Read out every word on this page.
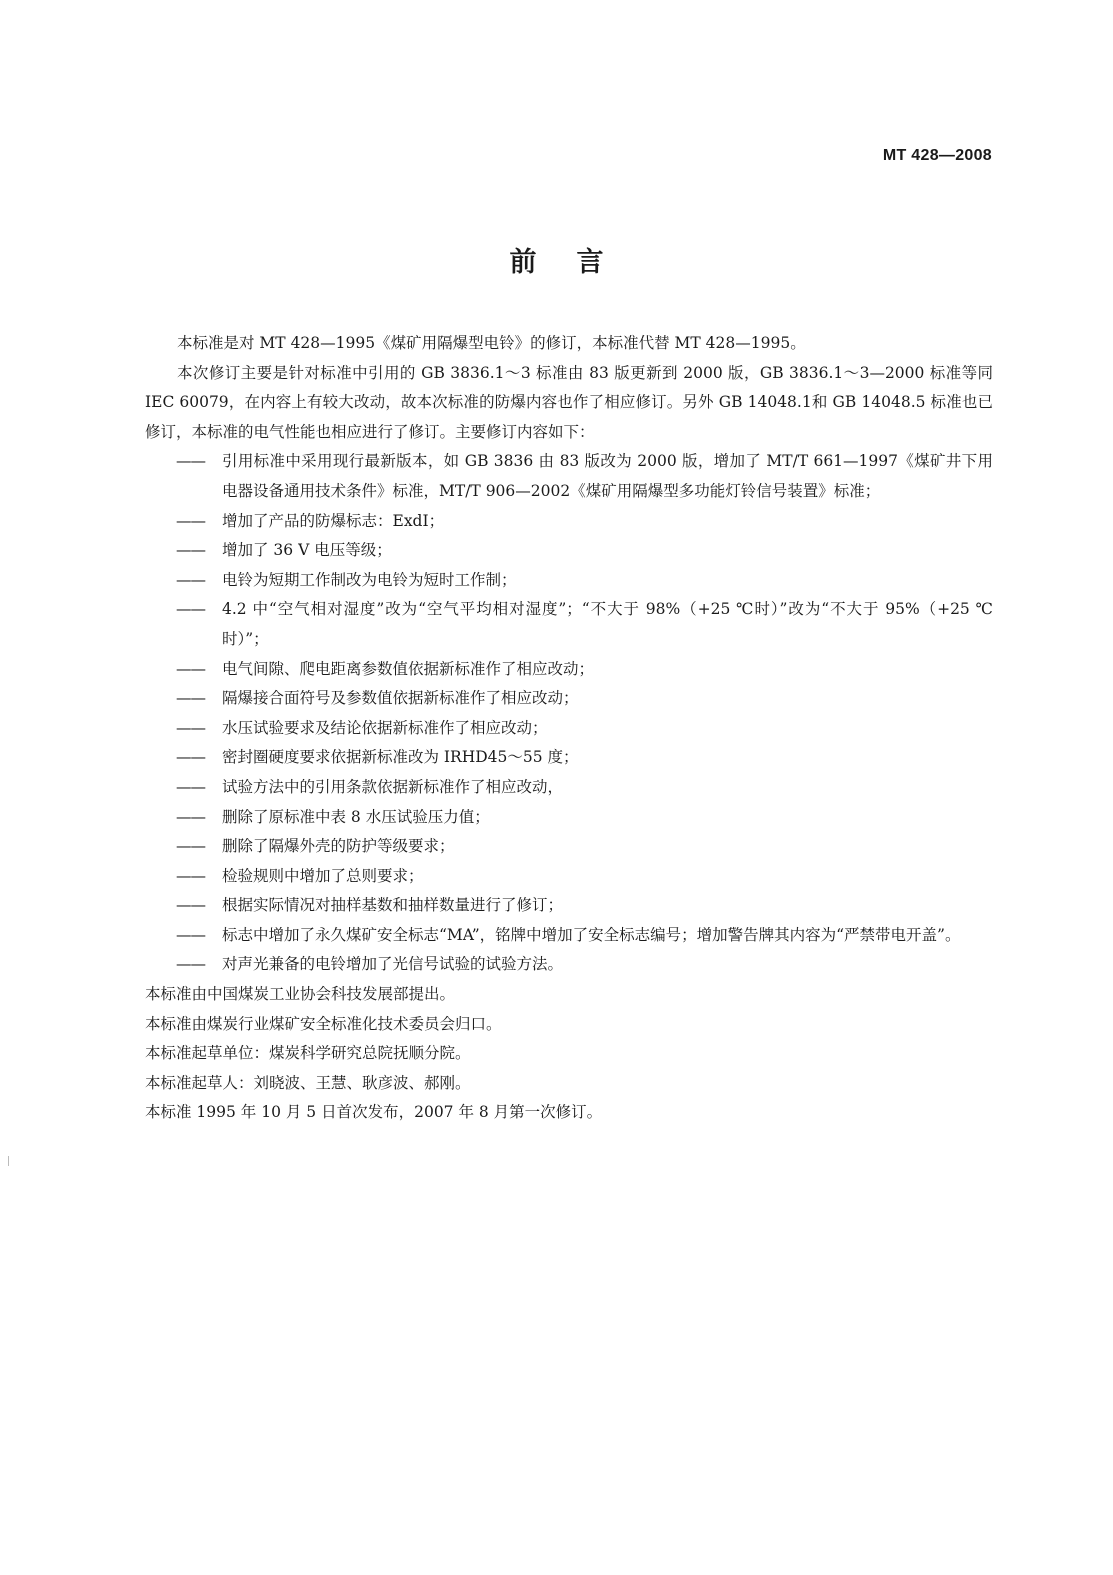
MT 428—2008
前言

本标准是对 MT 428—1995《煤矿用隔爆型电铃》的修订，本标准代替 MT 428—1995。

本次修订主要是针对标准中引用的 GB 3836.1～3 标准由 83 版更新到 2000 版，GB 3836.1～3—2000 标准等同 IEC 60079，在内容上有较大改动，故本次标准的防爆内容也作了相应修订。另外 GB 14048.1和 GB 14048.5 标准也已修订，本标准的电气性能也相应进行了修订。主要修订内容如下：

—— 引用标准中采用现行最新版本，如 GB 3836 由 83 版改为 2000 版，增加了 MT/T 661—1997《煤矿井下用电器设备通用技术条件》标准，MT/T 906—2002《煤矿用隔爆型多功能灯铃信号装置》标准；
—— 增加了产品的防爆标志：ExdI；
—— 增加了 36 V 电压等级；
—— 电铃为短期工作制改为电铃为短时工作制；
—— 4.2 中“空气相对湿度”改为“空气平均相对湿度”；“不大于 98%（+25 ℃时）”改为“不大于 95%（+25 ℃时）”；
—— 电气间隙、爬电距离参数值依据新标准作了相应改动；
—— 隔爆接合面符号及参数值依据新标准作了相应改动；
—— 水压试验要求及结论依据新标准作了相应改动；
—— 密封圈硬度要求依据新标准改为 IRHD45～55 度；
—— 试验方法中的引用条款依据新标准作了相应改动，
—— 删除了原标准中表 8 水压试验压力值；
—— 删除了隔爆外壳的防护等级要求；
—— 检验规则中增加了总则要求；
—— 根据实际情况对抽样基数和抽样数量进行了修订；
—— 标志中增加了永久煤矿安全标志“MA”，铭牌中增加了安全标志编号；增加警告牌其内容为“严禁带电开盖”。
—— 对声光兼备的电铃增加了光信号试验的试验方法。

本标准由中国煤炭工业协会科技发展部提出。

本标准由煤炭行业煤矿安全标准化技术委员会归口。

本标准起草单位：煤炭科学研究总院抚顺分院。

本标准起草人：刘晓波、王慧、耿彦波、郝刚。

本标准 1995 年 10 月 5 日首次发布，2007 年 8 月第一次修订。
